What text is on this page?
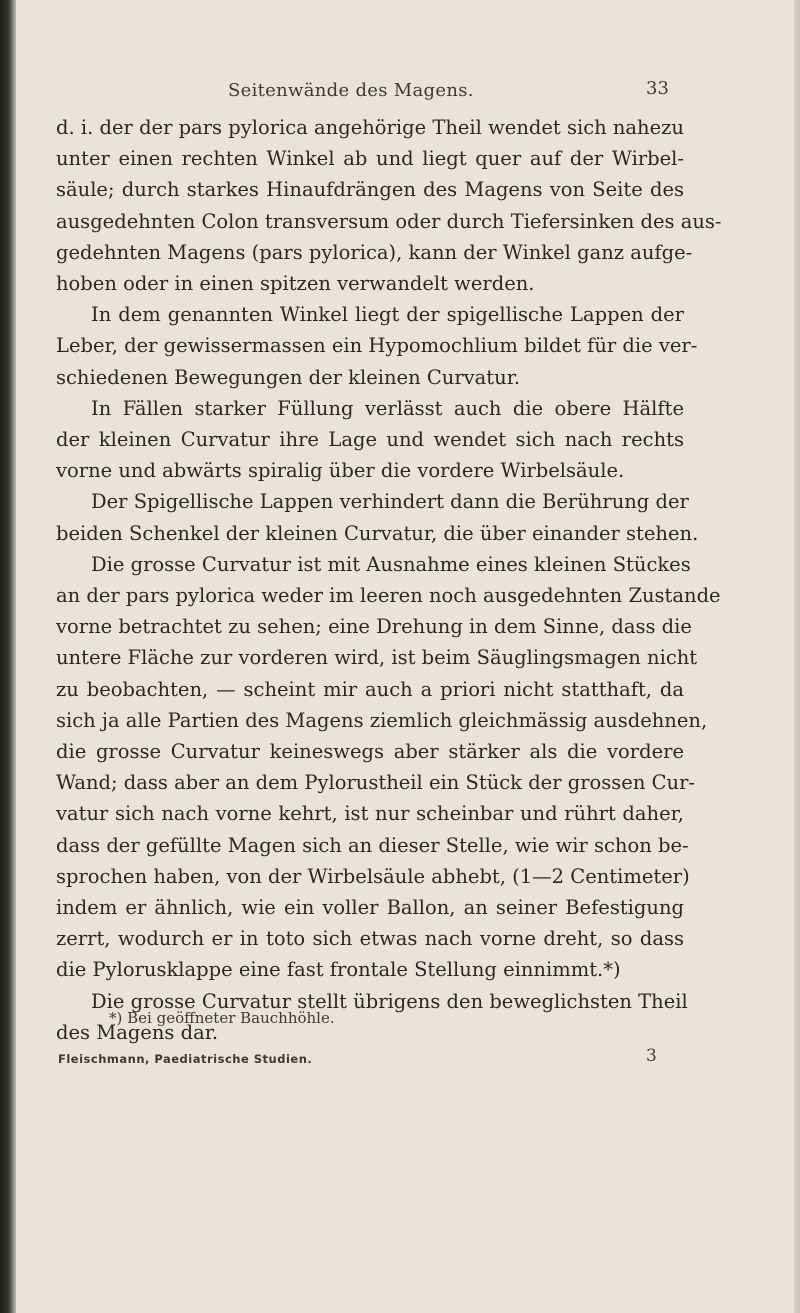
Seitenwände des Magens.	33
d. i. der der pars pylorica angehörige Theil wendet sich nahezu
unter einen rechten Winkel ab und liegt quer auf der Wirbel-
säule; durch starkes Hinaufdrängen des Magens von Seite des
ausgedehnten Colon transversum oder durch Tiefersinken des aus-
gedehnten Magens (pars pylorica), kann der Winkel ganz aufge-
hoben oder in einen spitzen verwandelt werden.
In dem genannten Winkel liegt der spigellische Lappen der
Leber, der gewissermassen ein Hypomochlium bildet für die ver-
schiedenen Bewegungen der kleinen Curvatur.
In Fällen starker Füllung verlässt auch die obere Hälfte
der kleinen Curvatur ihre Lage und wendet sich nach rechts
vorne und abwärts spiralig über die vordere Wirbelsäule.
Der Spigellische Lappen verhindert dann die Berührung der
beiden Schenkel der kleinen Curvatur, die über einander stehen.
Die grosse Curvatur ist mit Ausnahme eines kleinen Stückes
an der pars pylorica weder im leeren noch ausgedehnten Zustande
vorne betrachtet zu sehen; eine Drehung in dem Sinne, dass die
untere Fläche zur vorderen wird, ist beim Säuglingsmagen nicht
zu beobachten, — scheint mir auch a priori nicht statthaft, da
sich ja alle Partien des Magens ziemlich gleichmässig ausdehnen,
die grosse Curvatur keineswegs aber stärker als die vordere
Wand; dass aber an dem Pylorustheil ein Stück der grossen Cur-
vatur sich nach vorne kehrt, ist nur scheinbar und rührt daher,
dass der gefüllte Magen sich an dieser Stelle, wie wir schon be-
sprochen haben, von der Wirbelsäule abhebt, (1—2 Centimeter)
indem er ähnlich, wie ein voller Ballon, an seiner Befestigung
zerrt, wodurch er in toto sich etwas nach vorne dreht, so dass
die Pylorusklappe eine fast frontale Stellung einnimmt.*)
Die grosse Curvatur stellt übrigens den beweglichsten Theil
des Magens dar.
*) Bei geöffneter Bauchhöhle.
Fleischmann, Paediatrische Studien.	3
